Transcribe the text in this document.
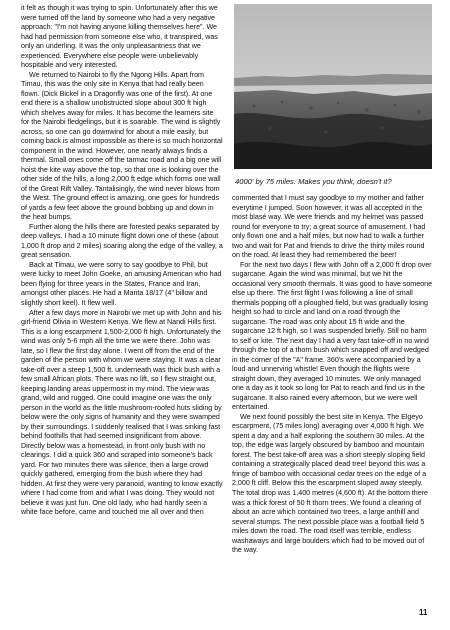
it felt as though it was trying to spin. Unfortunately after this we were turned off the land by someone who had a very negative approach: "I'm not having anyone killing themselves here". We had had permission from someone else who, it transpired, was only an underling. It was the only unpleasantness that we experienced. Everywhere else people were unbelievably hospitable and very interested.

We returned to Nairobi to fly the Ngong Hills. Apart from Timau, this was the only site in Kenya that had really been flown. (Dick Bickel in a Dragonfly was one of the first). At one end there is a shallow unobstructed slope about 300 ft high which shelves away for miles. It has become the learners site for the Nairobi fledgelings, but it is soarable. The wind is slightly across, so one can go downwind for about a mile easily, but coming back is almost impossible as there is so much horizontal component in the wind. However, one nearly always finds a thermal. Small ones come off the tarmac road and a big one will hoist the kite way above the top, so that one is looking over the other side of the hills, a long 2,000 ft edge which forms one wall of the Great Rift Valley. Tantalisingly, the wind never blows from the West. The ground effect is amazing, one goes for hundreds of yards a few feet above the ground bobbing up and down in the heat bumps.

Further along the hills there are forested peaks separated by deep valleys. I had a 10 minute flight down one of these (about 1,000 ft drop and 2 miles) soaring along the edge of the valley, a great sensation.

Back at Timau, we were sorry to say goodbye to Phil, but were lucky to meet John Goeke, an amusing American who had been flying for three years in the States, France and Iran, amongst other places. He had a Manta 18/17 (4" billow and slightly short keel). It flew well.

After a few days more in Nairobi we met up with John and his girl-friend Olivia in Western Kenya. We flew at Nandi Hills first. This is a long escarpment 1,500-2,000 ft high. Unfortunately the wind was only 5-6 mph all the time we were there. John was late, so I flew the first day alone. I went off from the end of the garden of the person with whom we were staying. It was a clear take-off over a steep 1,500 ft. underneath was thick bush with a few small African plots. There was no lift, so I flew straight out, keeping landing areas uppermost in my mind. The view was grand, wild and rugged. One could imagine one was the only person in the world as the little mushroom-roofed huts sliding by below were the only signs of humanity and they were swamped by their surroundings. I suddenly realised that I was sinking fast behind foothills that had seemed insignificant from above. Directly below was a homestead, in front only bush with no clearings. I did a quick 360 and scraped into someone's back yard. For two minutes there was silence, then a large crowd quickly gathered, emerging from the bush where they had hidden. At first they were very paranoid, wanting to know exactly where I had come from and what I was doing. They would not believe it was just fun. One old lady, who had hardly seen a white face before, came and touched me all over and then

4000' by 75 miles. Makes you think, doesn't it?

commented that I must say goodbye to my mother and father everytime I jumped. Soon however, it was all accepted in the most blasé way. We were friends and my helmet was passed round for everyone to try; a great source of amusement. I had only flown one and a half miles, but now had to walk a further two and wait for Pat and friends to drive the thirty miles round on the road. At least they had remembered the beer!

For the next two days I flew with John off a 2,000 ft drop over sugarcane. Again the wind was minimal, but we hit the occasional very smooth thermals. It was good to have someone else up there. The first flight I was following a line of small thermals popping off a ploughed field, but was gradually losing height so had to circle and land on a road through the sugarcane. The road was only about 15 ft wide and the sugarcane 12 ft high, so I was suspended briefly. Still no harm to self or kite. The next day I had a very fast take-off in no wind through the top of a thorn bush which snapped off and wedged in the corner of the "A" frame. 360's were accompanied by a loud and unnerving whistle! Even though the flights were straight down, they averaged 10 minutes. We only managed one a day as it took so long for Pat to reach and find us in the sugarcane. It also rained every afternoon, but we were well entertained.

We next found possibly the best site in Kenya. The Elgeyo escarpment, (75 miles long) averaging over 4,000 ft high. We spent a day and a half exploring the southern 30 miles. At the top, the edge was largely obscured by bamboo and mountain forest. The best take-off area was a short steeply sloping field containing a strategically placed dead tree! beyond this was a fringe of bamboo with occasional cedar trees on the edge of a 2,000 ft cliff. Below this the escarpment sloped away steeply. The total drop was 1,400 metres (4,600 ft). At the bottom there was a thick forest of 50 ft thorn trees. We found a clearing of about an acre which contained two trees, a large anthill and several stumps. The next possible place was a football field 5 miles down the road. The road itself was terrible, endless washaways and large boulders which had to be moved out of the way.

11
